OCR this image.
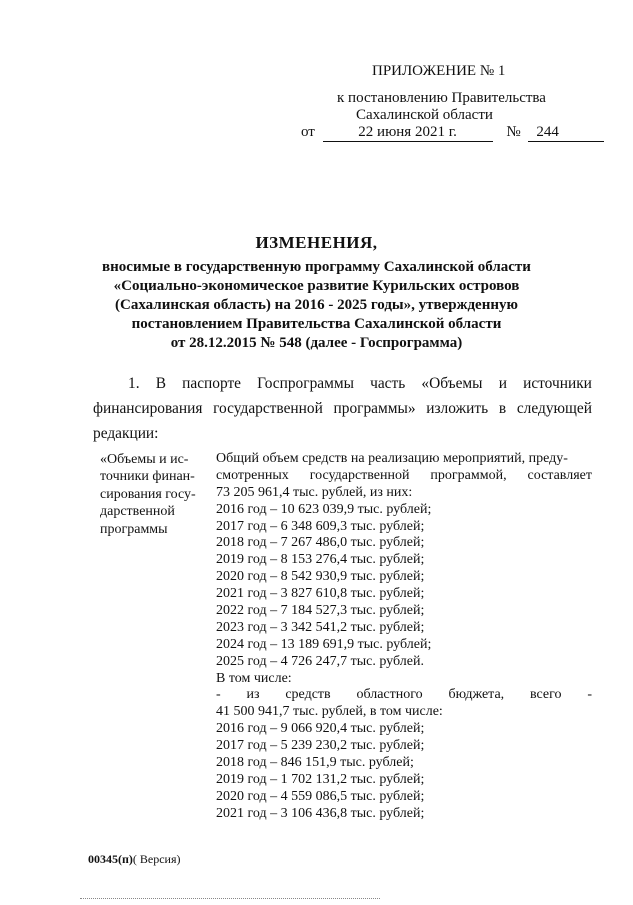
ПРИЛОЖЕНИЕ № 1
к постановлению Правительства
Сахалинской области
от	22 июня 2021 г.	№ 244
ИЗМЕНЕНИЯ,
вносимые в государственную программу Сахалинской области
«Социально-экономическое развитие Курильских островов
(Сахалинская область) на 2016 - 2025 годы», утвержденную
постановлением Правительства Сахалинской области
от 28.12.2015 № 548 (далее - Госпрограмма)
1. В паспорте Госпрограммы часть «Объемы и источники
финансирования государственной программы» изложить в следующей
редакции:
«Объемы и ис-
точники финан-
сирования госу-
дарственной
программы
Общий объем средств на реализацию мероприятий, преду-
смотренных государственной программой, составляет
73 205 961,4 тыс. рублей, из них:
2016 год – 10 623 039,9 тыс. рублей;
2017 год – 6 348 609,3 тыс. рублей;
2018 год – 7 267 486,0 тыс. рублей;
2019 год – 8 153 276,4 тыс. рублей;
2020 год – 8 542 930,9 тыс. рублей;
2021 год – 3 827 610,8 тыс. рублей;
2022 год – 7 184 527,3 тыс. рублей;
2023 год – 3 342 541,2 тыс. рублей;
2024 год – 13 189 691,9 тыс. рублей;
2025 год – 4 726 247,7 тыс. рублей.
В том числе:
- из средств областного бюджета, всего -
41 500 941,7 тыс. рублей, в том числе:
2016 год – 9 066 920,4 тыс. рублей;
2017 год – 5 239 230,2 тыс. рублей;
2018 год – 846 151,9 тыс. рублей;
2019 год – 1 702 131,2 тыс. рублей;
2020 год – 4 559 086,5 тыс. рублей;
2021 год – 3 106 436,8 тыс. рублей;
00345(п)( Версия)
